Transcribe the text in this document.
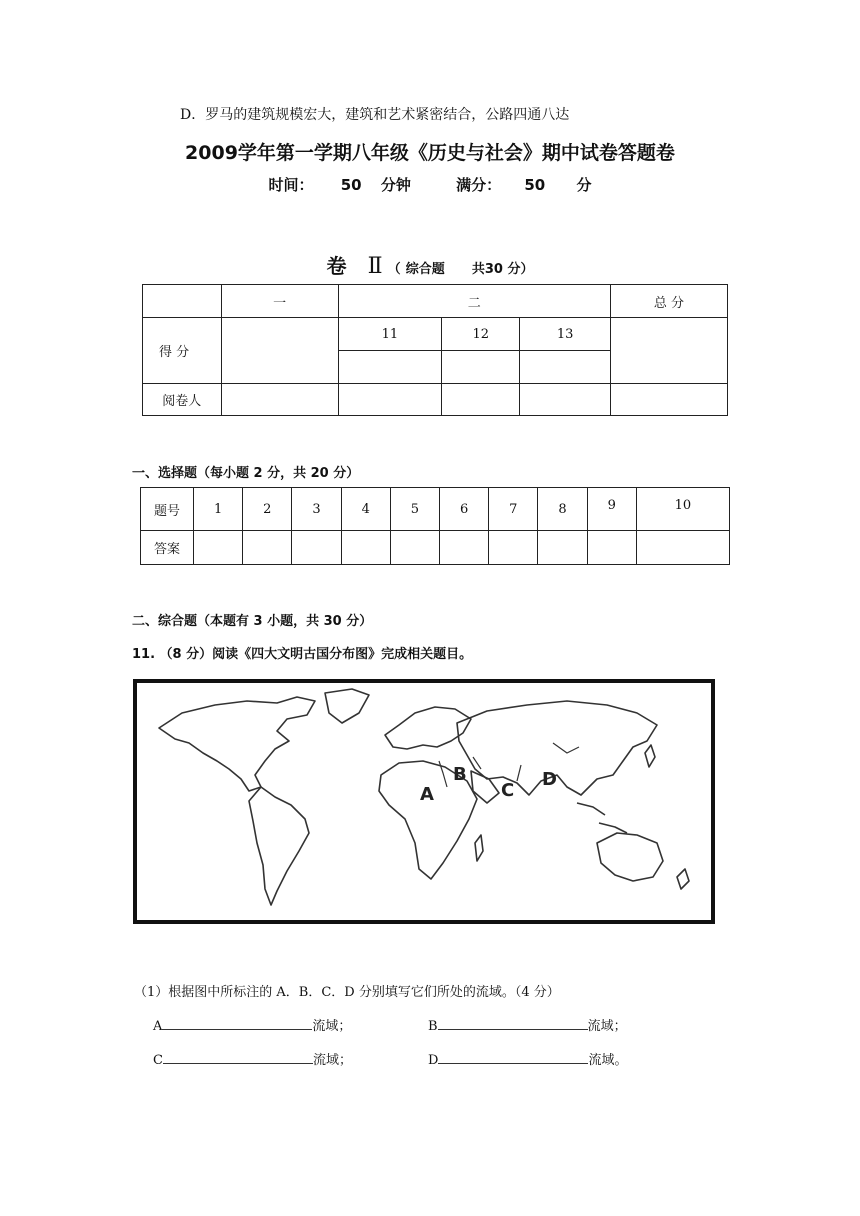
D．罗马的建筑规模宏大，建筑和艺术紧密结合，公路四通八达
2009学年第一学期八年级《历史与社会》期中试卷答题卷
时间： 50 分钟	满分： 50 分
卷 Ⅱ （ 综合题 共30 分）
	一	二			总 分
得 分		11	12	13	

阅卷人					
一、选择题（每小题 2 分，共 20 分）
题号	1	2	3	4	5	6	7	8	9	10
答案										
二、综合题（本题有 3 小题，共 30 分）
11. （8 分）阅读《四大文明古国分布图》完成相关题目。
A
B
C
D
（1）根据图中所标注的 A．B．C．D 分别填写它们所处的流域。（4 分）
A	流域；	B	流域；
C	流域；	D	流域。
